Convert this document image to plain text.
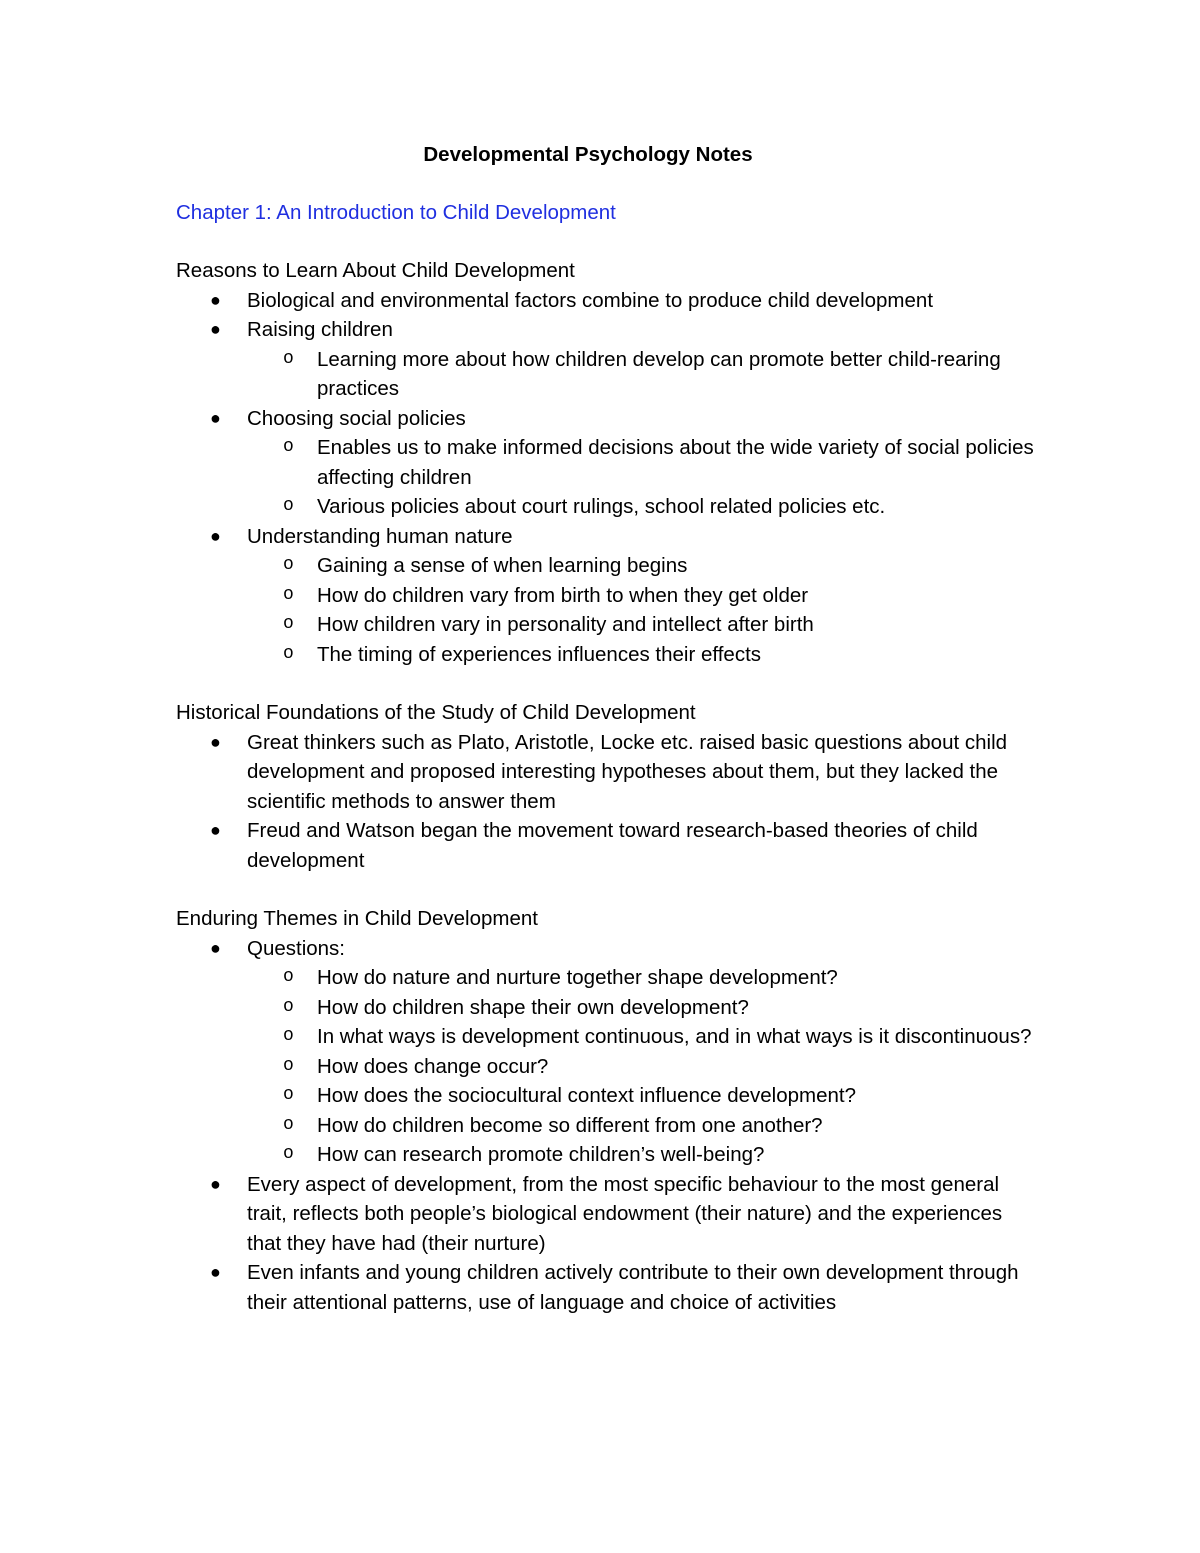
Developmental Psychology Notes
Chapter 1: An Introduction to Child Development
Reasons to Learn About Child Development
● Biological and environmental factors combine to produce child development
● Raising children
o Learning more about how children develop can promote better child-rearing practices
● Choosing social policies
o Enables us to make informed decisions about the wide variety of social policies affecting children
o Various policies about court rulings, school related policies etc.
● Understanding human nature
o Gaining a sense of when learning begins
o How do children vary from birth to when they get older
o How children vary in personality and intellect after birth
o The timing of experiences influences their effects
Historical Foundations of the Study of Child Development
● Great thinkers such as Plato, Aristotle, Locke etc. raised basic questions about child development and proposed interesting hypotheses about them, but they lacked the scientific methods to answer them
● Freud and Watson began the movement toward research-based theories of child development
Enduring Themes in Child Development
● Questions:
o How do nature and nurture together shape development?
o How do children shape their own development?
o In what ways is development continuous, and in what ways is it discontinuous?
o How does change occur?
o How does the sociocultural context influence development?
o How do children become so different from one another?
o How can research promote children’s well-being?
● Every aspect of development, from the most specific behaviour to the most general trait, reflects both people’s biological endowment (their nature) and the experiences that they have had (their nurture)
● Even infants and young children actively contribute to their own development through their attentional patterns, use of language and choice of activities
